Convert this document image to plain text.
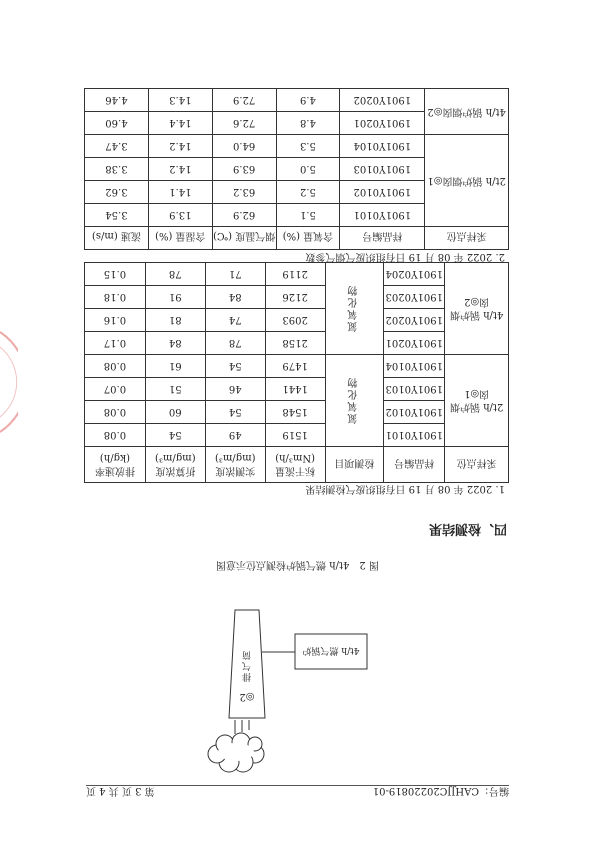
编号：CAHJJC20220819-01
第 3 页 共 4 页
4t/h 燃气锅炉
◎2
排气筒
图 2　4t/h 燃气锅炉检测点位示意图
四、检测结果
1. 2022 年 08 月 19 日有组织废气检测结果
采样点位	样品编号	检测项目	标干流量 (Nm³/h)	实测浓度 (mg/m³)	折算浓度 (mg/m³)	排放速率 (kg/h)
2t/h 锅炉烟囱◎1	1901Y0101	氮氧化物	1519	49	54	0.08
	1901Y0102		1548	54	60	0.08
	1901Y0103		1441	46	51	0.07
	1901Y0104		1479	54	61	0.08
4t/h 锅炉烟囱◎2	1901Y0201	氮氧化物	2158	78	84	0.17
	1901Y0202		2093	74	81	0.16
	1901Y0203		2126	84	91	0.18
	1901Y0204		2119	71	78	0.15
2. 2022 年 08 月 19 日有组织废气烟气参数
采样点位	样品编号	含氧量 (%)	烟气温度 (℃)	含湿量 (%)	流速 (m/s)
2t/h 锅炉烟囱◎1	1901Y0101	5.1	62.9	13.9	3.54
	1901Y0102	5.2	63.2	14.1	3.62
	1901Y0103	5.0	63.9	14.2	3.38
	1901Y0104	5.3	64.0	14.2	3.47
4t/h 锅炉烟囱◎2	1901Y0201	4.8	72.6	14.4	4.60
	1901Y0202	4.9	72.9	14.3	4.46
